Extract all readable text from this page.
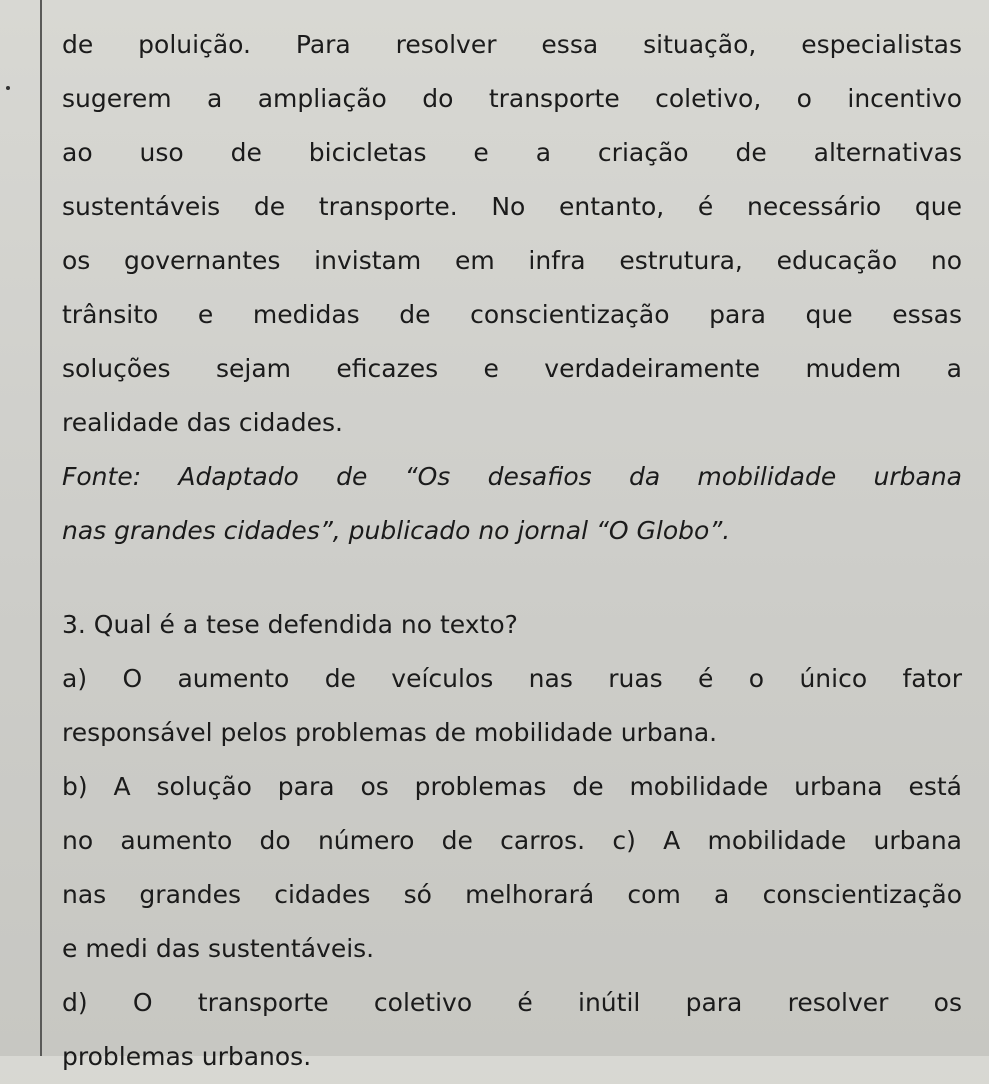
de poluição. Para resolver essa situação, especialistas
sugerem a ampliação do transporte coletivo, o incentivo
ao uso de bicicletas e a criação de alternativas
sustentáveis de transporte. No entanto, é necessário que
os governantes invistam em infra estrutura, educação no
trânsito e medidas de conscientização para que essas
soluções sejam eficazes e verdadeiramente mudem a
realidade das cidades.
Fonte: Adaptado de “Os desafios da mobilidade urbana
nas grandes cidades”, publicado no jornal “O Globo”.
3. Qual é a tese defendida no texto?
a) O aumento de veículos nas ruas é o único fator
responsável pelos problemas de mobilidade urbana.
b) A solução para os problemas de mobilidade urbana está
no aumento do número de carros. c) A mobilidade urbana
nas grandes cidades só melhorará com a conscientização
e medi das sustentáveis.
d) O transporte coletivo é inútil para resolver os
problemas urbanos.
